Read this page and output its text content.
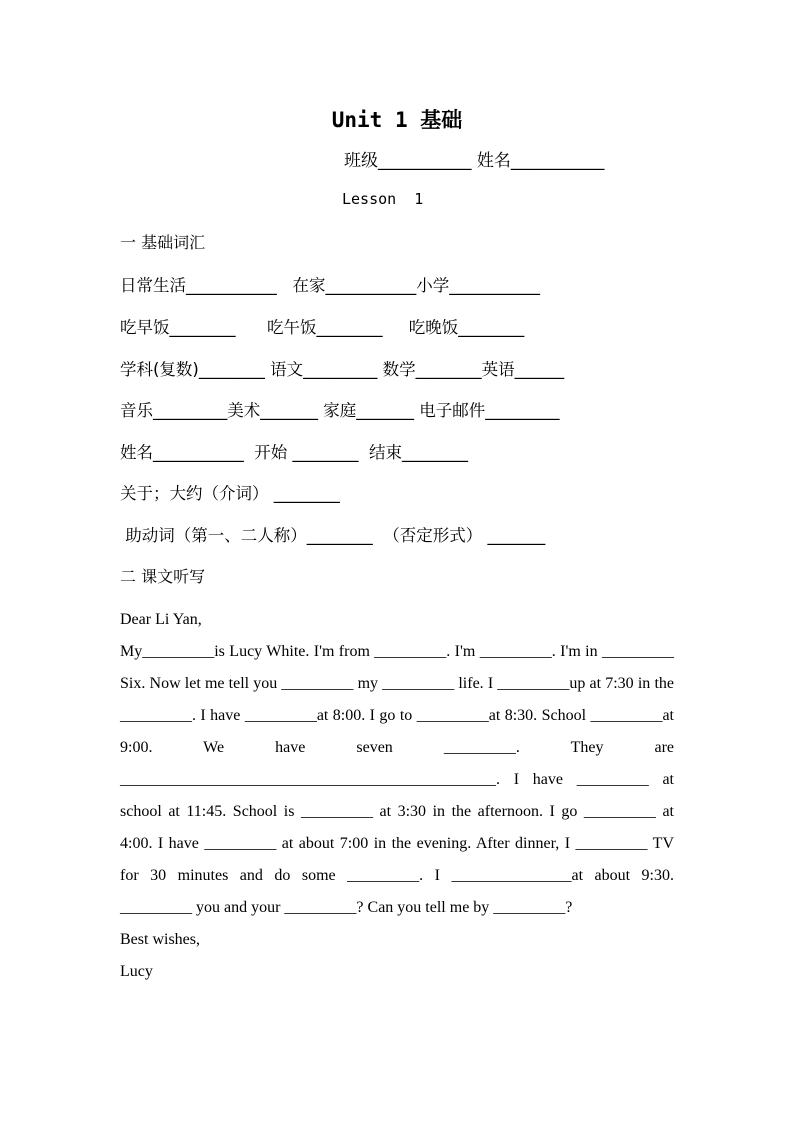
Unit 1 基础
班级___________ 姓名___________
Lesson  1
一 基础词汇
日常生活___________   在家___________小学___________
吃早饭________      吃午饭________     吃晚饭________
学科(复数)________ 语文_________ 数学________英语______
音乐_________美术_______ 家庭_______ 电子邮件_________
姓名___________  开始 ________  结束________
关于；大约（介词） ________
助动词（第一、二人称）________  （否定形式） _______
二 课文听写

Dear Li Yan,

My_________is Lucy White. I'm from _________. I'm _________. I'm in _________ Six. Now let me tell you _________ my _________ life. I _________up at 7:30 in the _________. I have _________at 8:00. I go to _________at 8:30. School _________at 9:00. We have seven _________. They are _______________________________________________. I have _________ at school at 11:45. School is _________ at 3:30 in the afternoon. I go _________ at 4:00. I have _________ at about 7:00 in the evening. After dinner, I _________ TV for 30 minutes and do some _________. I _______________at about 9:30. _________ you and your _________? Can you tell me by _________?

Best wishes,

Lucy
